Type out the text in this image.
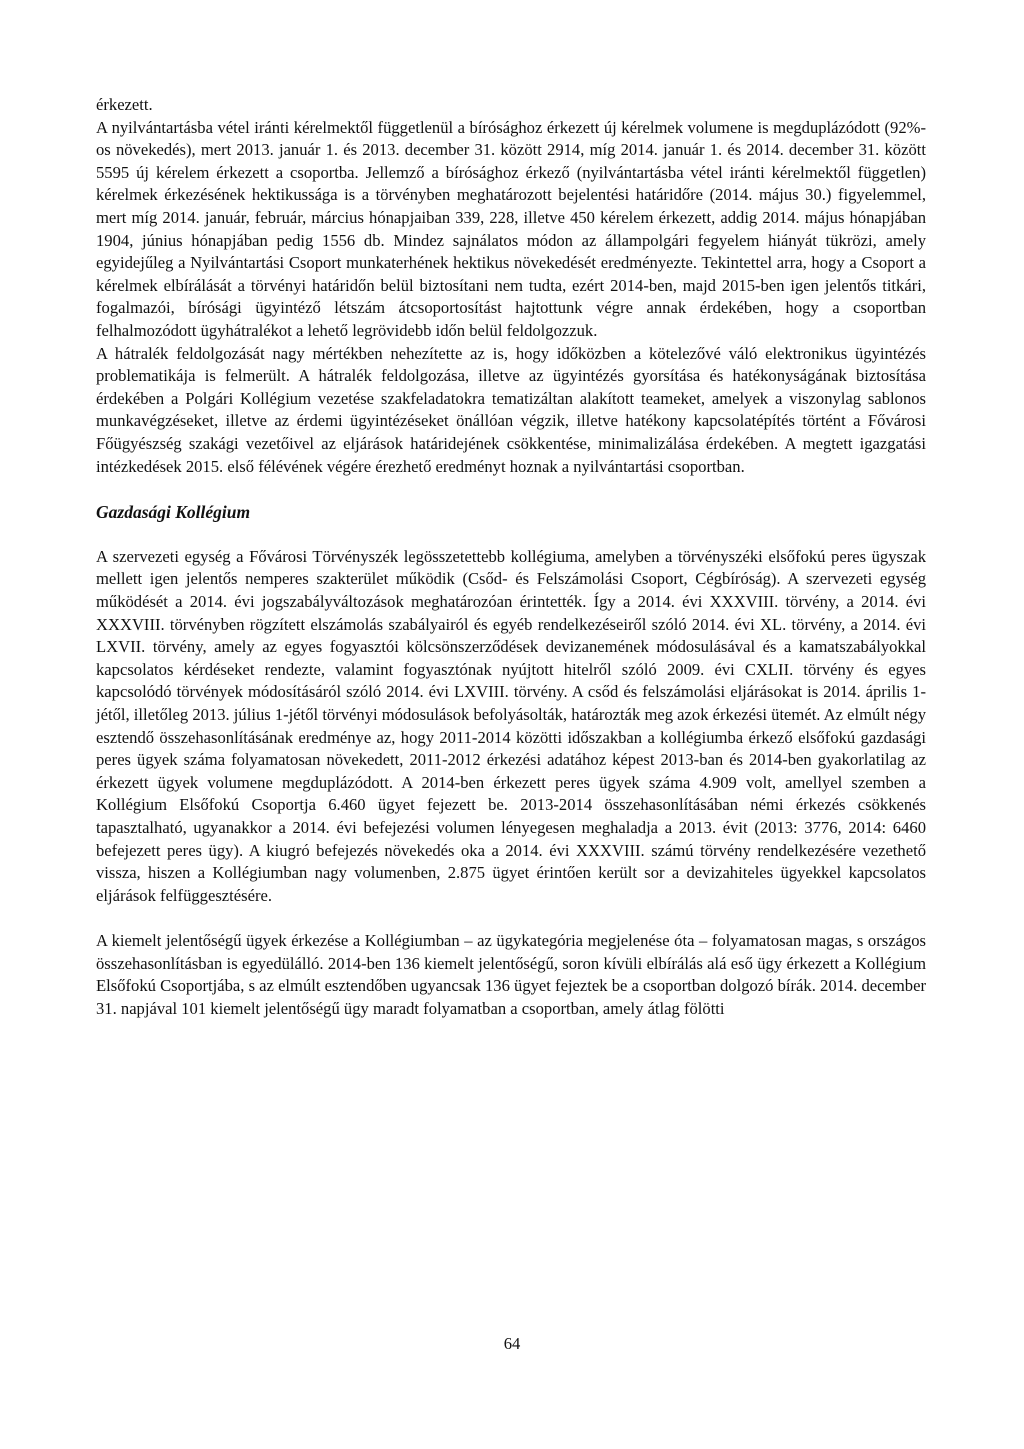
érkezett.

A nyilvántartásba vétel iránti kérelmektől függetlenül a bírósághoz érkezett új kérelmek volumene is megduplázódott (92%-os növekedés), mert 2013. január 1. és 2013. december 31. között 2914, míg 2014. január 1. és 2014. december 31. között 5595 új kérelem érkezett a csoportba. Jellemző a bírósághoz érkező (nyilvántartásba vétel iránti kérelmektől független) kérelmek érkezésének hektikussága is a törvényben meghatározott bejelentési határidőre (2014. május 30.) figyelemmel, mert míg 2014. január, február, március hónapjaiban 339, 228, illetve 450 kérelem érkezett, addig 2014. május hónapjában 1904, június hónapjában pedig 1556 db. Mindez sajnálatos módon az állampolgári fegyelem hiányát tükrözi, amely egyidejűleg a Nyilvántartási Csoport munkaterhének hektikus növekedését eredményezte. Tekintettel arra, hogy a Csoport a kérelmek elbírálását a törvényi határidőn belül biztosítani nem tudta, ezért 2014-ben, majd 2015-ben igen jelentős titkári, fogalmazói, bírósági ügyintéző létszám átcsoportosítást hajtottunk végre annak érdekében, hogy a csoportban felhalmozódott ügyhátralékot a lehető legrövidebb időn belül feldolgozzuk.

A hátralék feldolgozását nagy mértékben nehezítette az is, hogy időközben a kötelezővé váló elektronikus ügyintézés problematikája is felmerült. A hátralék feldolgozása, illetve az ügyintézés gyorsítása és hatékonyságának biztosítása érdekében a Polgári Kollégium vezetése szakfeladatokra tematizáltan alakított teameket, amelyek a viszonylag sablonos munkavégzéseket, illetve az érdemi ügyintézéseket önállóan végzik, illetve hatékony kapcsolatépítés történt a Fővárosi Főügyészség szakági vezetőivel az eljárások határidejének csökkentése, minimalizálása érdekében. A megtett igazgatási intézkedések 2015. első félévének végére érezhető eredményt hoznak a nyilvántartási csoportban.

Gazdasági Kollégium

A szervezeti egység a Fővárosi Törvényszék legösszetettebb kollégiuma, amelyben a törvényszéki elsőfokú peres ügyszak mellett igen jelentős nemperes szakterület működik (Csőd- és Felszámolási Csoport, Cégbíróság). A szervezeti egység működését a 2014. évi jogszabályváltozások meghatározóan érintették. Így a 2014. évi XXXVIII. törvény, a 2014. évi XXXVIII. törvényben rögzített elszámolás szabályairól és egyéb rendelkezéseiről szóló 2014. évi XL. törvény, a 2014. évi LXVII. törvény, amely az egyes fogyasztói kölcsönszerződések devizanemének módosulásával és a kamatszabályokkal kapcsolatos kérdéseket rendezte, valamint fogyasztónak nyújtott hitelről szóló 2009. évi CXLII. törvény és egyes kapcsolódó törvények módosításáról szóló 2014. évi LXVIII. törvény. A csőd és felszámolási eljárásokat is 2014. április 1-jétől, illetőleg 2013. július 1-jétől törvényi módosulások befolyásolták, határozták meg azok érkezési ütemét. Az elmúlt négy esztendő összehasonlításának eredménye az, hogy 2011-2014 közötti időszakban a kollégiumba érkező elsőfokú gazdasági peres ügyek száma folyamatosan növekedett, 2011-2012 érkezési adatához képest 2013-ban és 2014-ben gyakorlatilag az érkezett ügyek volumene megduplázódott. A 2014-ben érkezett peres ügyek száma 4.909 volt, amellyel szemben a Kollégium Elsőfokú Csoportja 6.460 ügyet fejezett be. 2013-2014 összehasonlításában némi érkezés csökkenés tapasztalható, ugyanakkor a 2014. évi befejezési volumen lényegesen meghaladja a 2013. évit (2013: 3776, 2014: 6460 befejezett peres ügy). A kiugró befejezés növekedés oka a 2014. évi XXXVIII. számú törvény rendelkezésére vezethető vissza, hiszen a Kollégiumban nagy volumenben, 2.875 ügyet érintően került sor a devizahiteles ügyekkel kapcsolatos eljárások felfüggesztésére.

A kiemelt jelentőségű ügyek érkezése a Kollégiumban – az ügykategória megjelenése óta – folyamatosan magas, s országos összehasonlításban is egyedülálló. 2014-ben 136 kiemelt jelentőségű, soron kívüli elbírálás alá eső ügy érkezett a Kollégium Elsőfokú Csoportjába, s az elmúlt esztendőben ugyancsak 136 ügyet fejeztek be a csoportban dolgozó bírák. 2014. december 31. napjával 101 kiemelt jelentőségű ügy maradt folyamatban a csoportban, amely átlag fölötti

64
